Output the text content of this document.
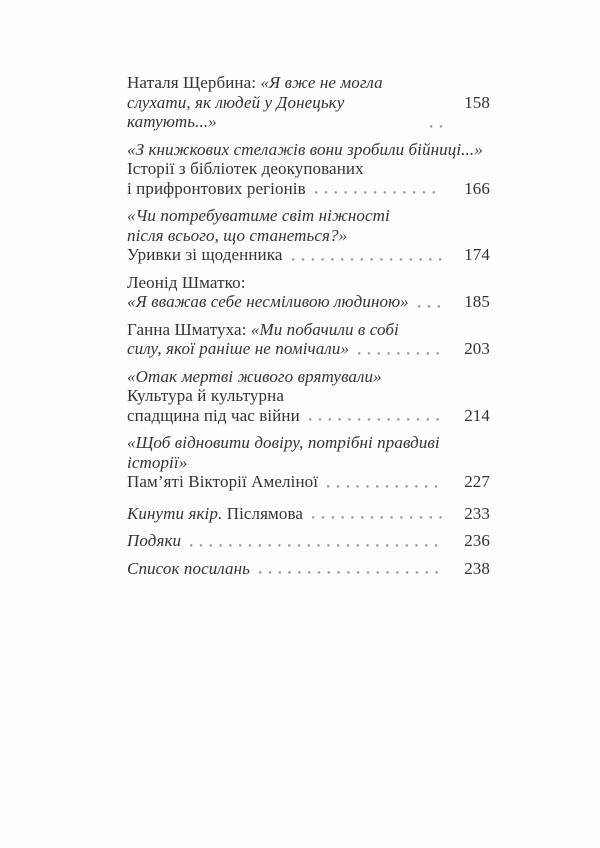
Наталя Щербина: «Я вже не могла
слухати, як людей у Донецьку катують...»
158
«З книжкових стелажів вони зробили бійниці...»
Історії з бібліотек деокупованих
і прифронтових регіонів	166
«Чи потребуватиме світ ніжності
після всього, що станеться?»
Уривки зі щоденника	174
Леонід Шматко:
«Я вважав себе несміливою людиною»	185
Ганна Шматуха: «Ми побачили в собі
силу, якої раніше не помічали»	203
«Отак мертві живого врятували»
Культура й культурна
спадщина під час війни	214
«Щоб відновити довіру, потрібні правдиві історії»
Пам’яті Вікторії Амеліної	227
Кинути якір. Післямова	233
Подяки	236
Список посилань	238
